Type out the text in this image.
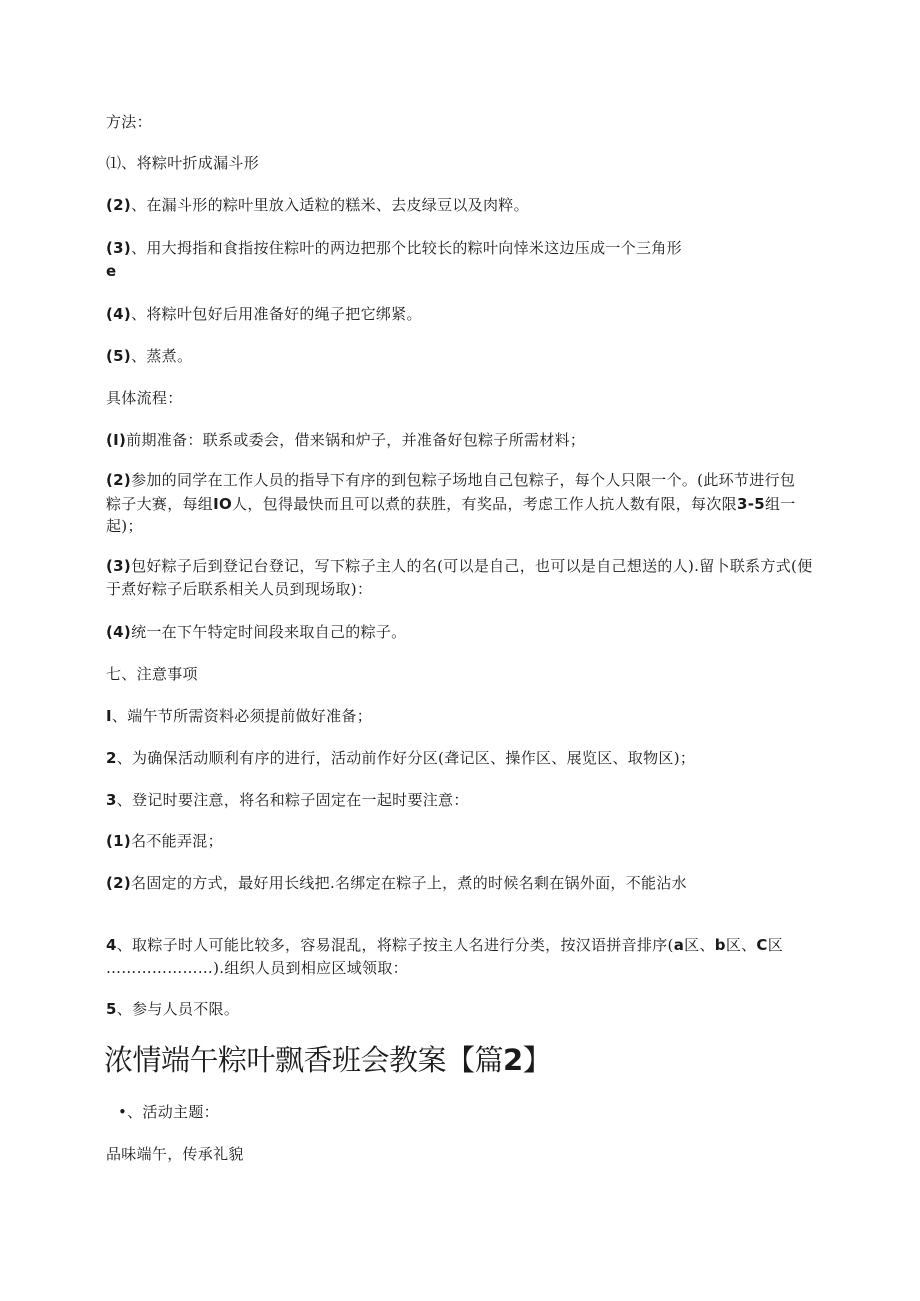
方法：
⑴、将粽叶折成漏斗形
(2)、在漏斗形的粽叶里放入适粒的糕米、去皮绿豆以及肉粹。
(3)、用大拇指和食指按住粽叶的两边把那个比较长的粽叶向悻米这边压成一个三角形
e
(4)、将粽叶包好后用准备好的绳子把它绑紧。
(5)、蒸煮。
具体流程：
(I)前期准备：联系或委会，借来锅和炉子，并准备好包粽子所需材料；
(2)参加的同学在工作人员的指导下有序的到包粽子场地自己包粽子，每个人只限一个。(此环节进行包
粽子大赛，每组IO人，包得最快而且可以煮的获胜，有奖品，考虑工作人抗人数有限，每次限3-5组一
起)；
(3)包好粽子后到登记台登记，写下粽子主人的名(可以是自己，也可以是自己想送的人).留卜联系方式(便
于煮好粽子后联系相关人员到现场取)：
(4)统一在下午特定时间段来取自己的粽子。
七、注意事项
I、端午节所需资料必须提前做好准备；
2、为确保活动顺利有序的进行，活动前作好分区(聋记区、操作区、展览区、取物区)；
3、登记时要注意，将名和粽子固定在一起时要注意：
(1)名不能弄混；
(2)名固定的方式，最好用长线把.名绑定在粽子上，煮的时候名剩在锅外面，不能沾水
4、取粽子时人可能比较多，容易混乱，将粽子按主人名进行分类，按汉语拼音排序(a区、b区、C区
…………………).组织人员到相应区域领取：
5、参与人员不限。
浓情端午粽叶飘香班会教案【篇2】
•、活动主题：
品味端午，传承礼貌
